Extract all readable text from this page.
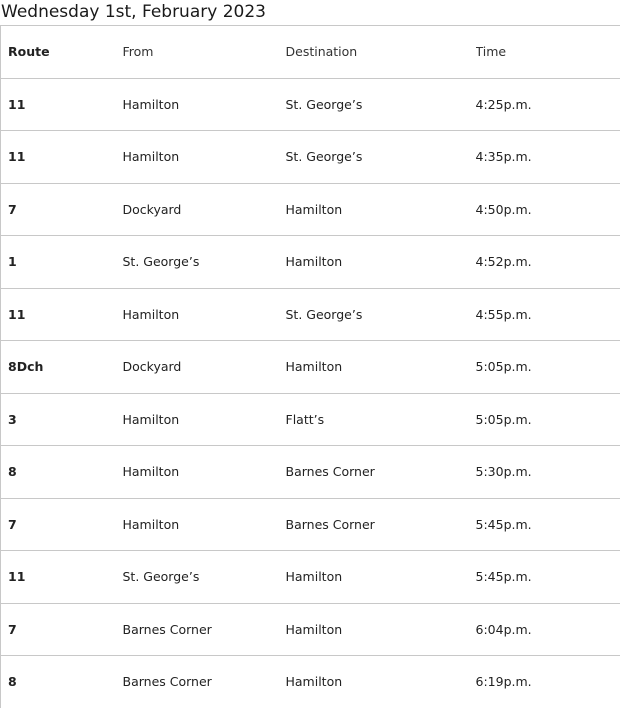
Wednesday 1st, February 2023
Route	From	Destination	Time
11	Hamilton	St. George’s	4:25p.m.
11	Hamilton	St. George’s	4:35p.m.
7	Dockyard	Hamilton	4:50p.m.
1	St. George’s	Hamilton	4:52p.m.
11	Hamilton	St. George’s	4:55p.m.
8Dch	Dockyard	Hamilton	5:05p.m.
3	Hamilton	Flatt’s	5:05p.m.
8	Hamilton	Barnes Corner	5:30p.m.
7	Hamilton	Barnes Corner	5:45p.m.
11	St. George’s	Hamilton	5:45p.m.
7	Barnes Corner	Hamilton	6:04p.m.
8	Barnes Corner	Hamilton	6:19p.m.
